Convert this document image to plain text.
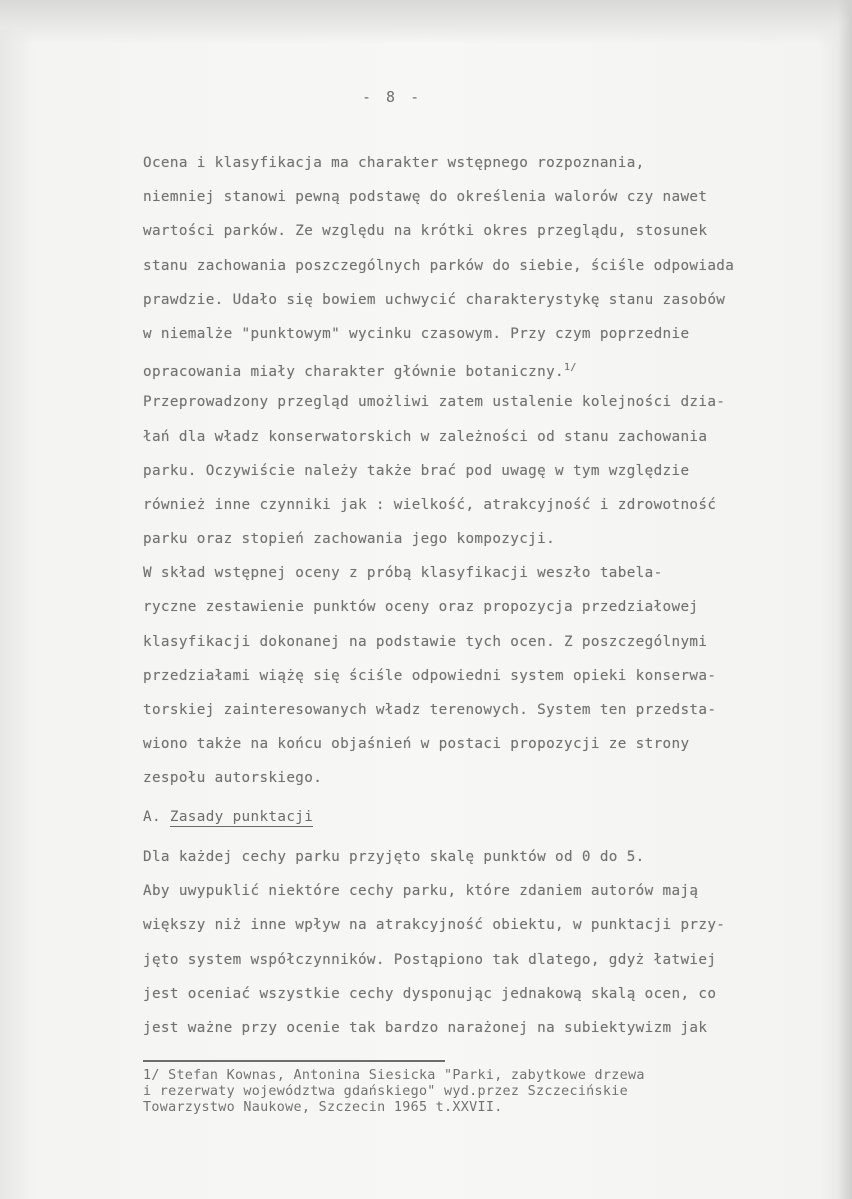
- 8 -
Ocena i klasyfikacja ma charakter wstępnego rozpoznania,
niemniej stanowi pewną podstawę do określenia walorów czy nawet
wartości parków. Ze względu na krótki okres przeglądu, stosunek
stanu zachowania poszczególnych parków do siebie, ściśle odpowiada
prawdzie. Udało się bowiem uchwycić charakterystykę stanu zasobów
w niemalże "punktowym" wycinku czasowym. Przy czym poprzednie
opracowania miały charakter głównie botaniczny.$^{1/}$
Przeprowadzony przegląd umożliwi zatem ustalenie kolejności dzia-
łań dla władz konserwatorskich w zależności od stanu zachowania
parku. Oczywiście należy także brać pod uwagę w tym względzie
również inne czynniki jak : wielkość, atrakcyjność i zdrowotność
parku oraz stopień zachowania jego kompozycji.
W skład wstępnej oceny z próbą klasyfikacji weszło tabela-
ryczne zestawienie punktów oceny oraz propozycja przedziałowej
klasyfikacji dokonanej na podstawie tych ocen. Z poszczególnymi
przedziałami wiążę się ściśle odpowiedni system opieki konserwa-
torskiej zainteresowanych władz terenowych. System ten przedsta-
wiono także na końcu objaśnień w postaci propozycji ze strony
zespołu autorskiego.
A. Zasady punktacji
Dla każdej cechy parku przyjęto skalę punktów od 0 do 5.
Aby uwypuklić niektóre cechy parku, które zdaniem autorów mają
większy niż inne wpływ na atrakcyjność obiektu, w punktacji przy-
jęto system współczynników. Postąpiono tak dlatego, gdyż łatwiej
jest oceniać wszystkie cechy dysponując jednakową skalą ocen, co
jest ważne przy ocenie tak bardzo narażonej na subiektywizm jak
1/ Stefan Kownas, Antonina Siesicka "Parki, zabytkowe drzewa
i rezerwaty województwa gdańskiego" wyd.przez Szczecińskie
Towarzystwo Naukowe, Szczecin 1965 t.XXVII.
